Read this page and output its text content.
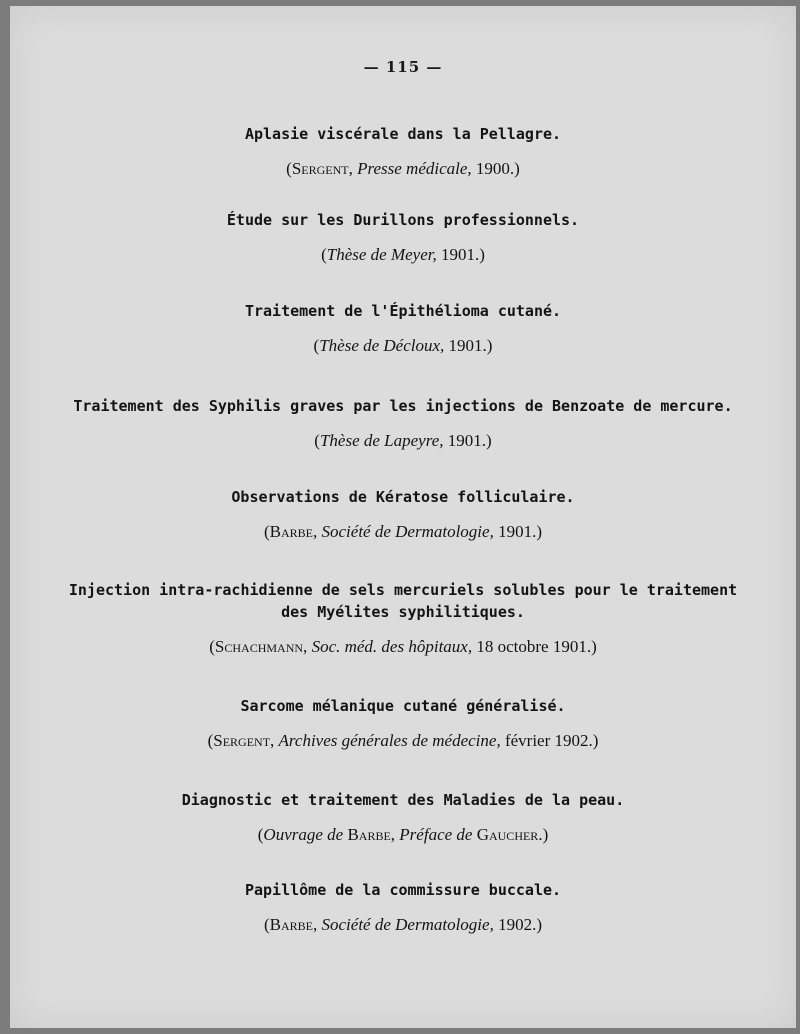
— 115 —

Aplasie viscérale dans la Pellagre.

(Sergent, Presse médicale, 1900.)

Étude sur les Durillons professionnels.

(Thèse de Meyer, 1901.)

Traitement de l'Épithélioma cutané.

(Thèse de Décloux, 1901.)

Traitement des Syphilis graves par les injections de Benzoate de mercure.

(Thèse de Lapeyre, 1901.)

Observations de Kératose folliculaire.

(Barbe, Société de Dermatologie, 1901.)

Injection intra-rachidienne de sels mercuriels solubles pour le traitement

des Myélites syphilitiques.

(Schachmann, Soc. méd. des hôpitaux, 18 octobre 1901.)

Sarcome mélanique cutané généralisé.

(Sergent, Archives générales de médecine, février 1902.)

Diagnostic et traitement des Maladies de la peau.

(Ouvrage de Barbe, Préface de Gaucher.)

Papillôme de la commissure buccale.

(Barbe, Société de Dermatologie, 1902.)
